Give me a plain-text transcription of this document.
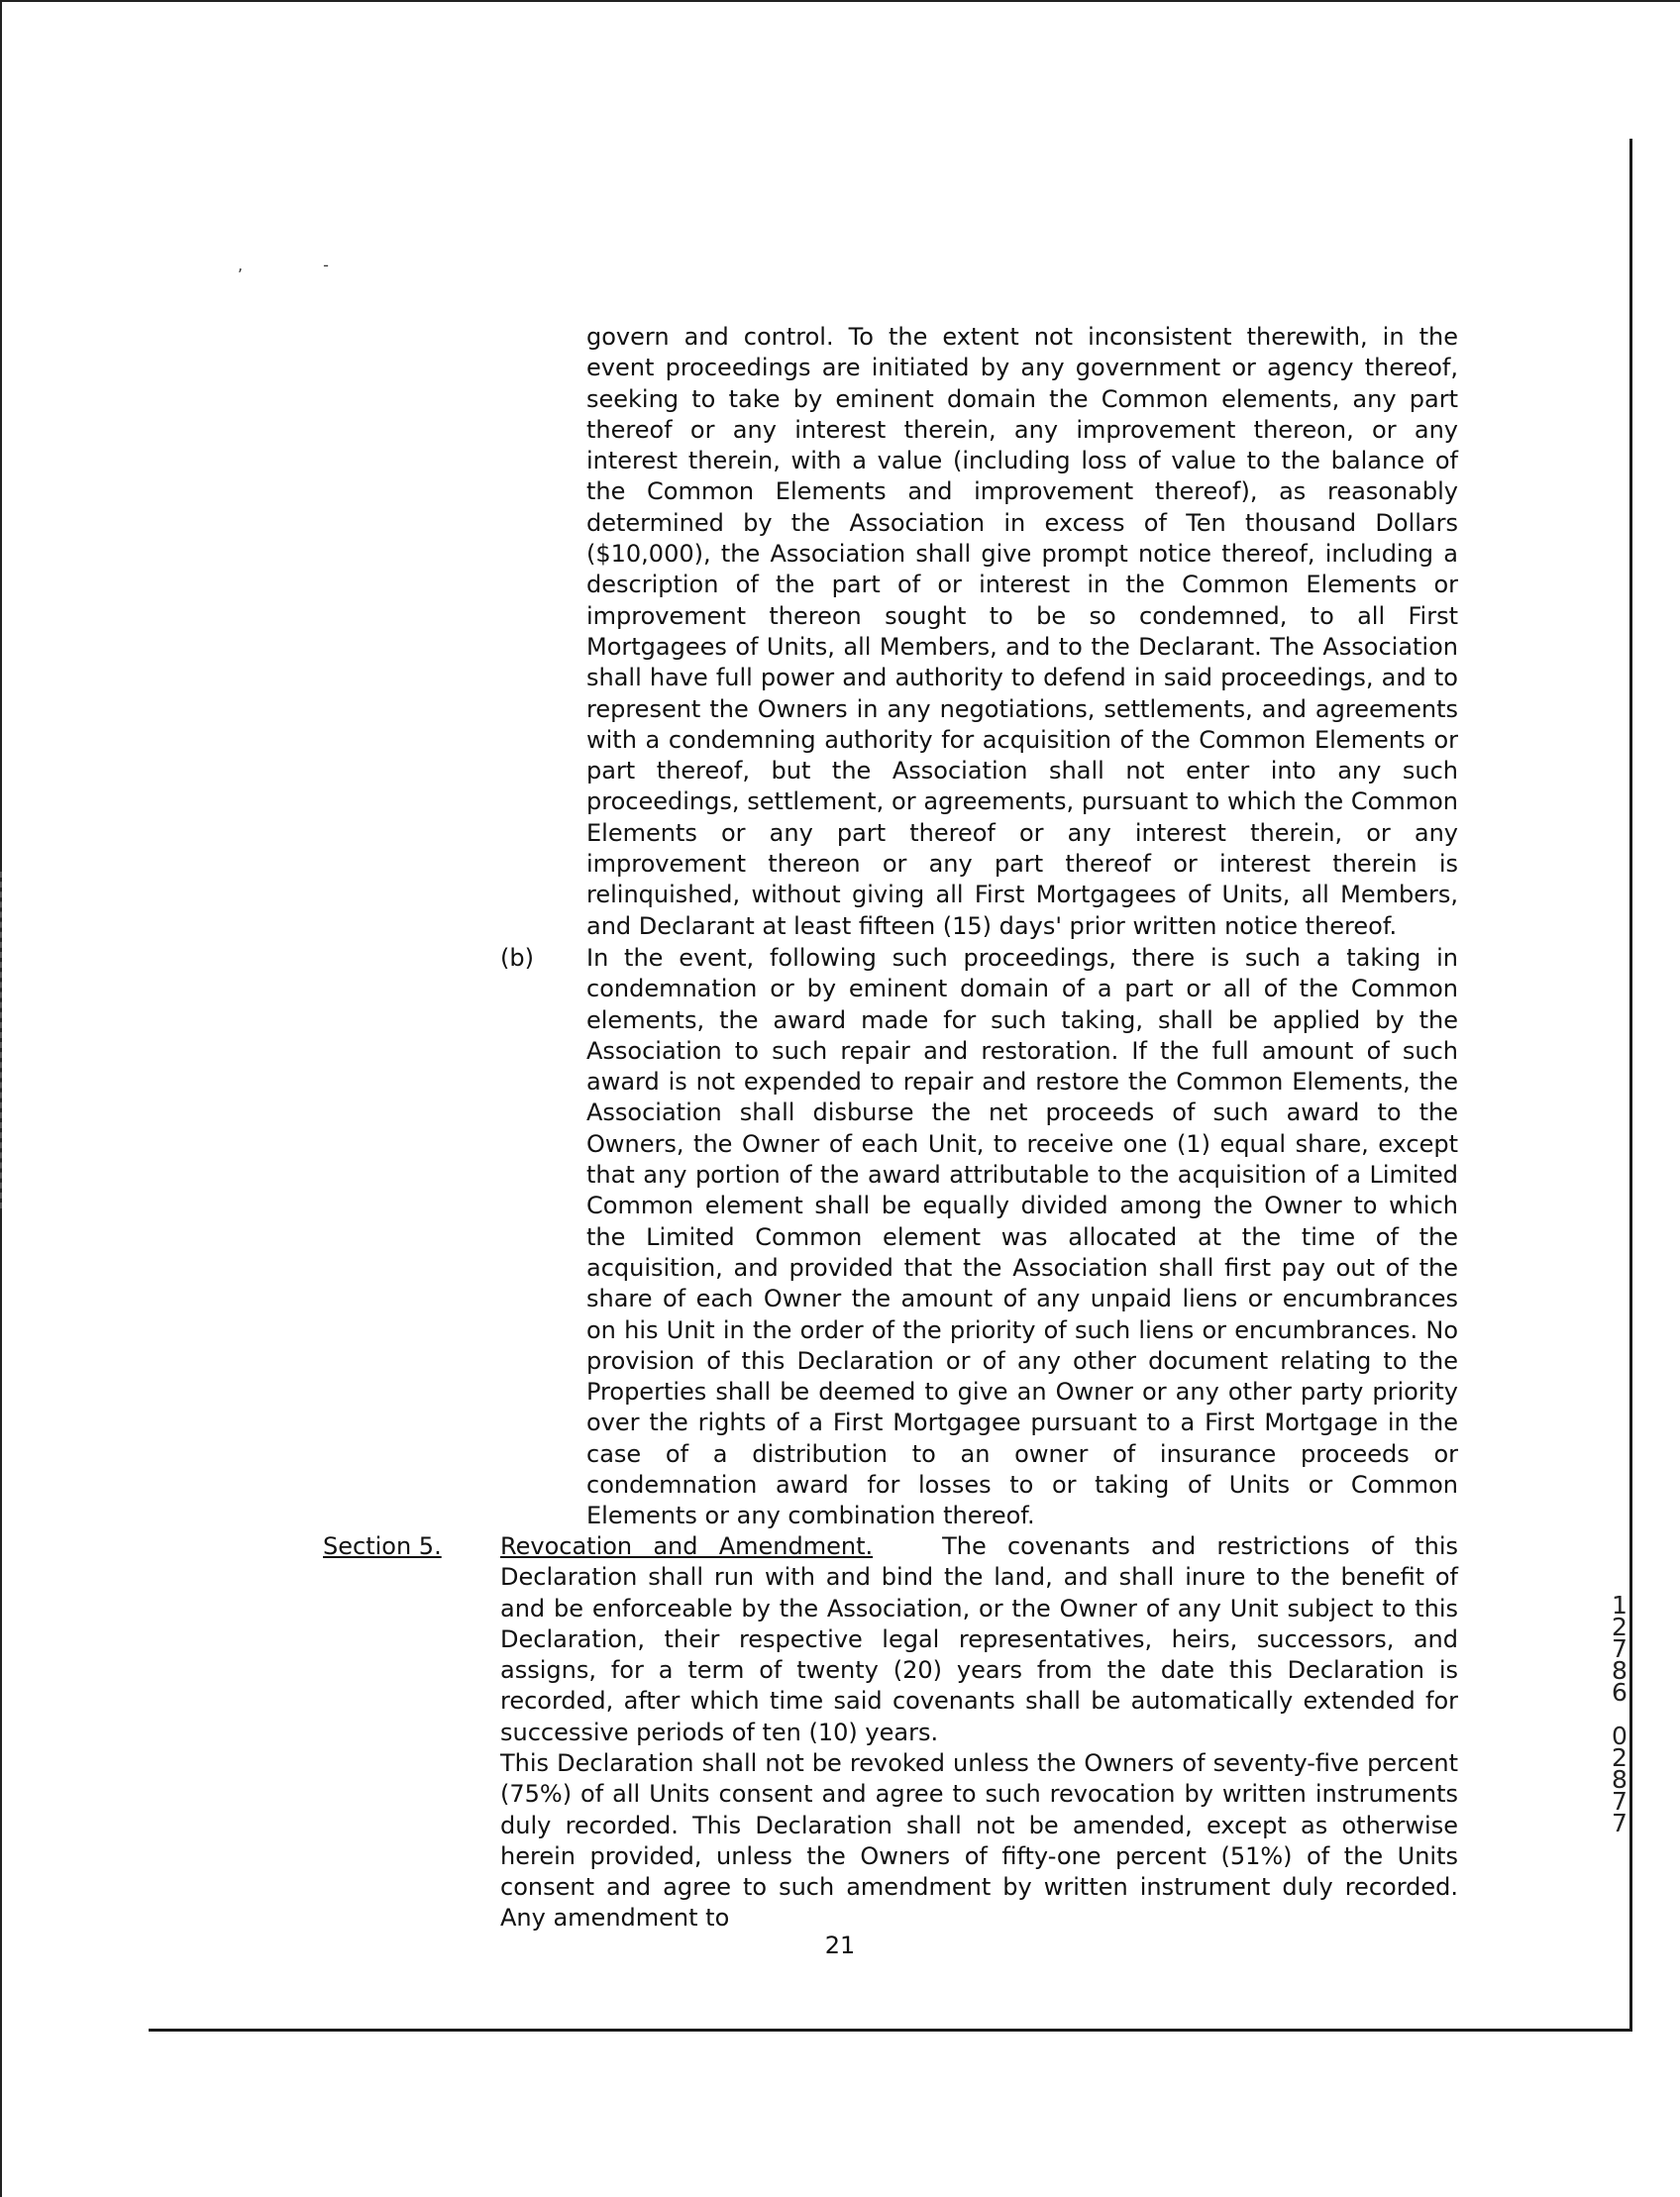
, -

govern and control. To the extent not inconsistent therewith, in the event proceedings are initiated by any government or agency thereof, seeking to take by eminent domain the Common elements, any part thereof or any interest therein, any improvement thereon, or any interest therein, with a value (including loss of value to the balance of the Common Elements and improvement thereof), as reasonably determined by the Association in excess of Ten thousand Dollars ($10,000), the Association shall give prompt notice thereof, including a description of the part of or interest in the Common Elements or improvement thereon sought to be so condemned, to all First Mortgagees of Units, all Members, and to the Declarant. The Association shall have full power and authority to defend in said proceedings, and to represent the Owners in any negotiations, settlements, and agreements with a condemning authority for acquisition of the Common Elements or part thereof, but the Association shall not enter into any such proceedings, settlement, or agreements, pursuant to which the Common Elements or any part thereof or any interest therein, or any improvement thereon or any part thereof or interest therein is relinquished, without giving all First Mortgagees of Units, all Members, and Declarant at least fifteen (15) days' prior written notice thereof.

(b) In the event, following such proceedings, there is such a taking in condemnation or by eminent domain of a part or all of the Common elements, the award made for such taking, shall be applied by the Association to such repair and restoration. If the full amount of such award is not expended to repair and restore the Common Elements, the Association shall disburse the net proceeds of such award to the Owners, the Owner of each Unit, to receive one (1) equal share, except that any portion of the award attributable to the acquisition of a Limited Common element shall be equally divided among the Owner to which the Limited Common element was allocated at the time of the acquisition, and provided that the Association shall first pay out of the share of each Owner the amount of any unpaid liens or encumbrances on his Unit in the order of the priority of such liens or encumbrances. No provision of this Declaration or of any other document relating to the Properties shall be deemed to give an Owner or any other party priority over the rights of a First Mortgagee pursuant to a First Mortgage in the case of a distribution to an owner of insurance proceeds or condemnation award for losses to or taking of Units or Common Elements or any combination thereof.

Section 5. Revocation and Amendment.	The covenants and restrictions of this Declaration shall run with and bind the land, and shall inure to the benefit of and be enforceable by the Association, or the Owner of any Unit subject to this Declaration, their respective legal representatives, heirs, successors, and assigns, for a term of twenty (20) years from the date this Declaration is recorded, after which time said covenants shall be automatically extended for successive periods of ten (10) years.

This Declaration shall not be revoked unless the Owners of seventy-five percent (75%) of all Units consent and agree to such revocation by written instruments duly recorded. This Declaration shall not be amended, except as otherwise herein provided, unless the Owners of fifty-one percent (51%) of the Units consent and agree to such amendment by written instrument duly recorded. Any amendment to

21
1
2
7
8
6

0
2
8
7
7
